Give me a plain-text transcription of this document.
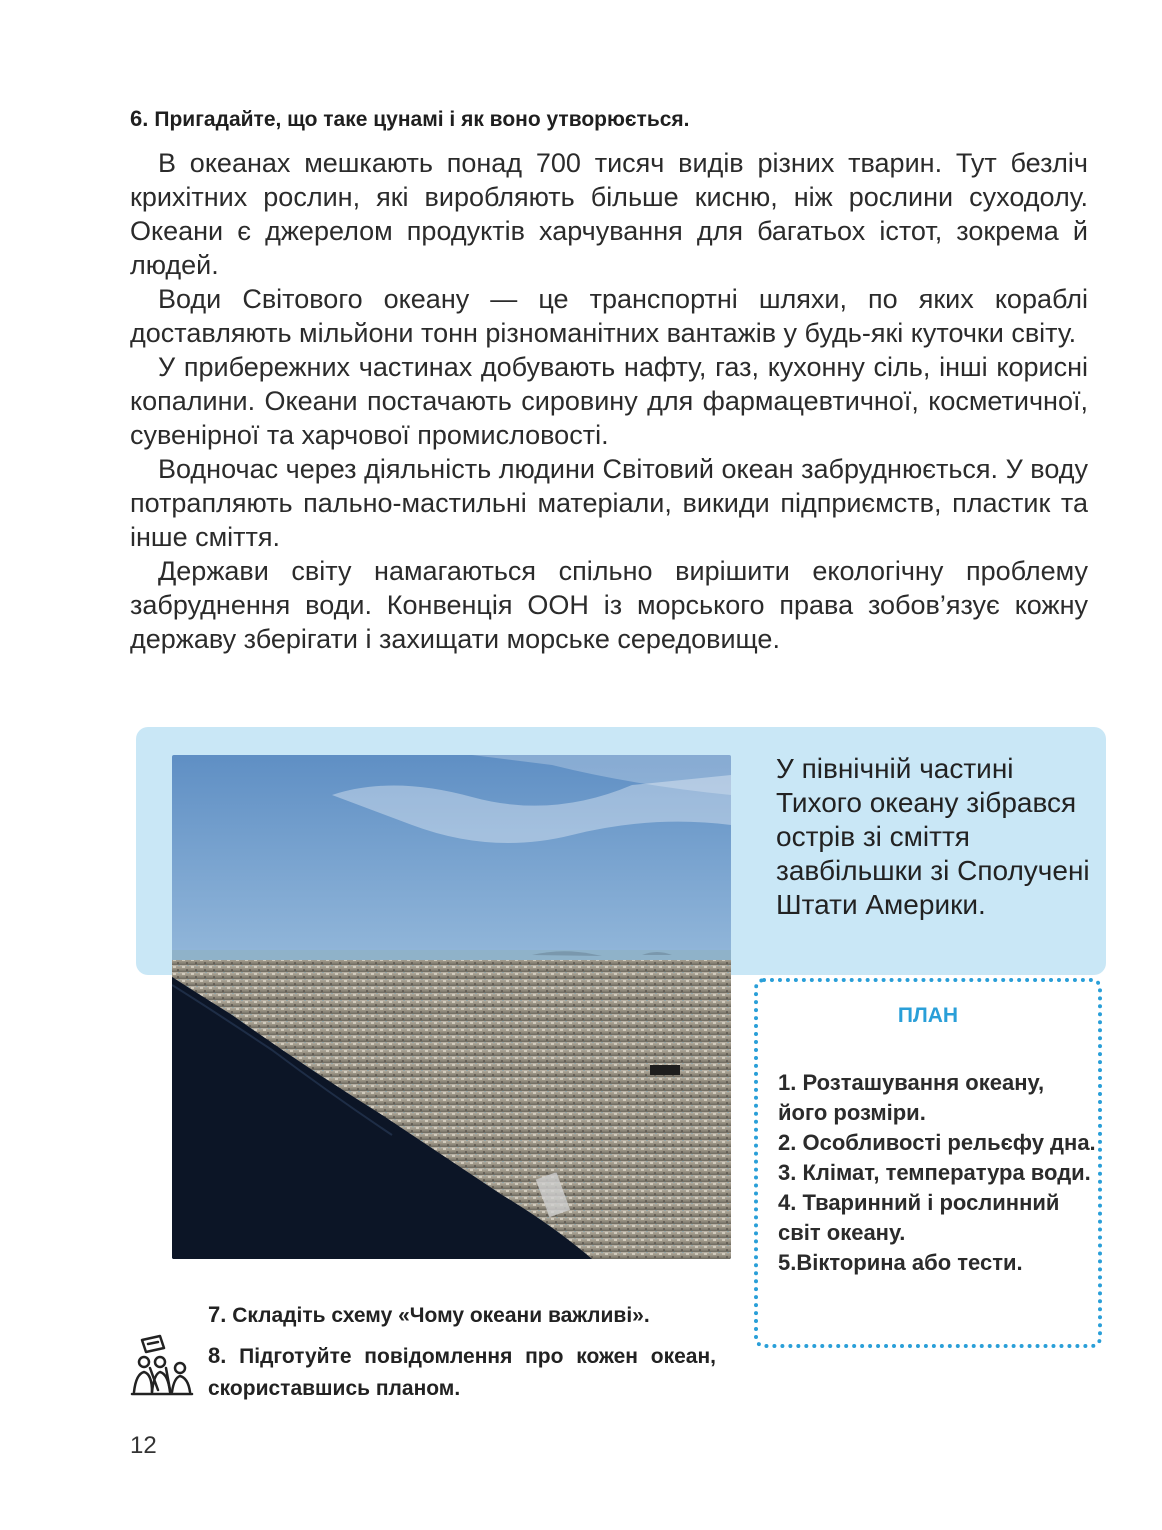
6. Пригадайте, що таке цунамі і як воно утворюється.

В океанах мешкають понад 700 тисяч видів різних тварин. Тут безліч крихітних рослин, які виробляють більше кисню, ніж рослини суходолу. Океани є джерелом продуктів харчування для багатьох істот, зокрема й людей.

Води Світового океану — це транспортні шляхи, по яких кораблі доставляють мільйони тонн різноманітних вантажів у будь-які куточки світу.

У прибережних частинах добувають нафту, газ, кухонну сіль, інші корисні копалини. Океани постачають сировину для фармацевтичної, косметичної, сувенірної та харчової промисловості.

Водночас через діяльність людини Світовий океан забруднюється. У воду потрапляють пально-мастильні матеріали, викиди підприємств, пластик та інше сміття.

Держави світу намагаються спільно вирішити екологічну проблему забруднення води. Конвенція ООН із морського права зобов’язує кожну державу зберігати і захищати морське середовище.

У північній частині Тихого океану зібрався острів зі сміття завбільшки зі Сполучені Штати Америки.
ПЛАН
1. Розташування океану, його розміри.
2. Особливості рельєфу дна.
3. Клімат, температура води.
4. Тваринний і рослинний світ океану.
5.Вікторина або тести.
7. Складіть схему «Чому океани важливі».
8. Підготуйте повідомлення про кожен океан, скориставшись планом.
12
